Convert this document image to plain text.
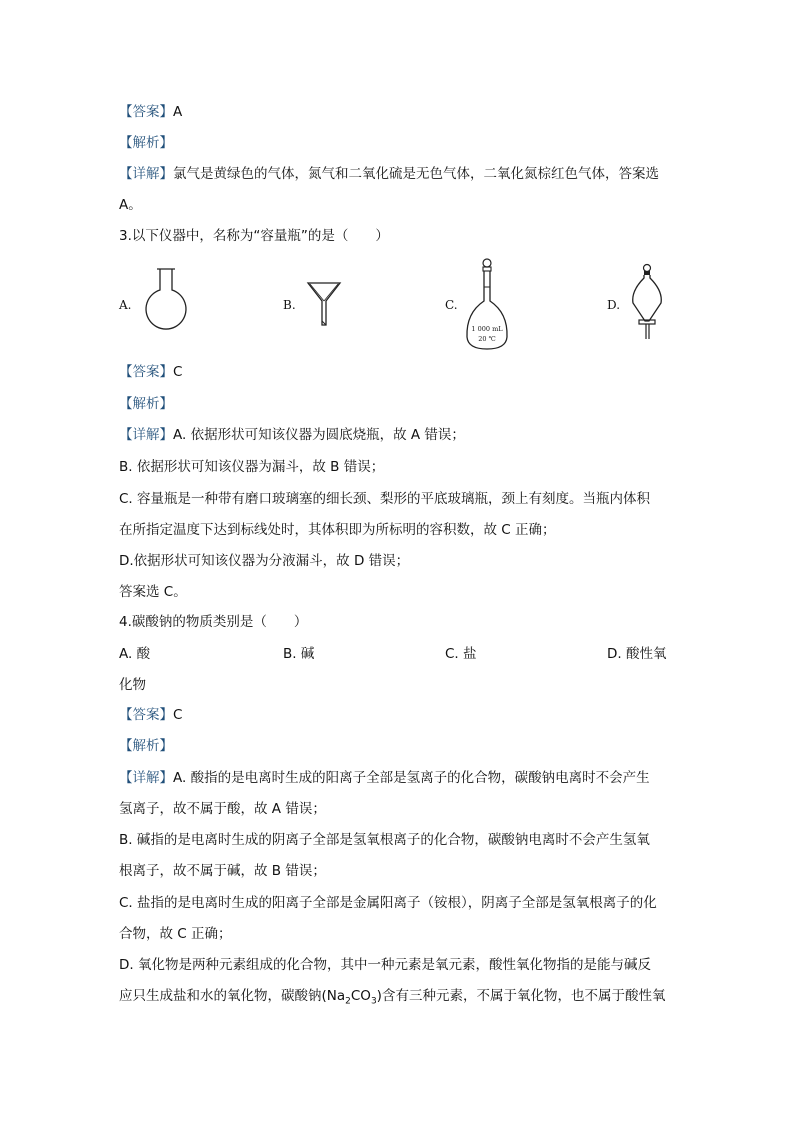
【答案】A
【解析】
【详解】氯气是黄绿色的气体，氮气和二氧化硫是无色气体，二氧化氮棕红色气体，答案选
A。
3.以下仪器中，名称为“容量瓶”的是（　　）
A.	B.	C.
1 000 mL
20 ℃
D.
【答案】C
【解析】
【详解】A. 依据形状可知该仪器为圆底烧瓶，故 A 错误；
B. 依据形状可知该仪器为漏斗，故 B 错误；
C. 容量瓶是一种带有磨口玻璃塞的细长颈、梨形的平底玻璃瓶，颈上有刻度。当瓶内体积
在所指定温度下达到标线处时，其体积即为所标明的容积数，故 C 正确；
D.依据形状可知该仪器为分液漏斗，故 D 错误；
答案选 C。
4.碳酸钠的物质类别是（　　）
A. 酸	B. 碱	C. 盐	D. 酸性氧
化物
【答案】C
【解析】
【详解】A. 酸指的是电离时生成的阳离子全部是氢离子的化合物，碳酸钠电离时不会产生
氢离子，故不属于酸，故 A 错误；
B. 碱指的是电离时生成的阴离子全部是氢氧根离子的化合物，碳酸钠电离时不会产生氢氧
根离子，故不属于碱，故 B 错误；
C. 盐指的是电离时生成的阳离子全部是金属阳离子（铵根），阴离子全部是氢氧根离子的化
合物，故 C 正确；
D. 氧化物是两种元素组成的化合物，其中一种元素是氧元素，酸性氧化物指的是能与碱反
应只生成盐和水的氧化物，碳酸钠$(Na_2CO_3)$含有三种元素，不属于氧化物，也不属于酸性氧
